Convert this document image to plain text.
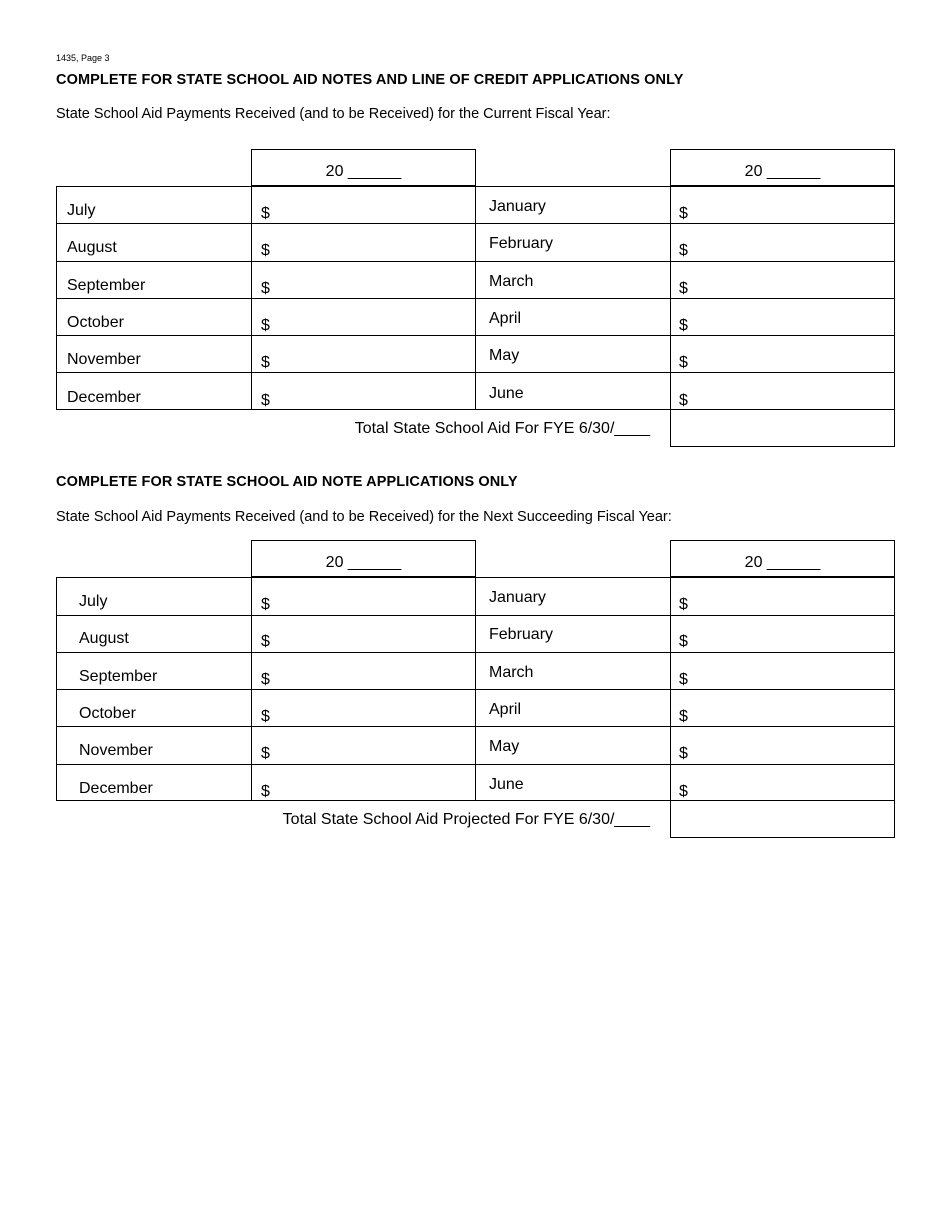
1435, Page 3
COMPLETE FOR STATE SCHOOL AID NOTES AND LINE OF CREDIT APPLICATIONS ONLY
State School Aid Payments Received (and to be Received) for the Current Fiscal Year:
20 ______	20 ______
July	$	January	$
August	$	February	$
September	$	March	$
October	$	April	$
November	$	May	$
December	$	June	$
Total State School Aid For FYE 6/30/____
COMPLETE FOR STATE SCHOOL AID NOTE APPLICATIONS ONLY
State School Aid Payments Received (and to be Received) for the Next Succeeding Fiscal Year:
20 ______	20 ______
July	$	January	$
August	$	February	$
September	$	March	$
October	$	April	$
November	$	May	$
December	$	June	$
Total State School Aid Projected For FYE 6/30/____
